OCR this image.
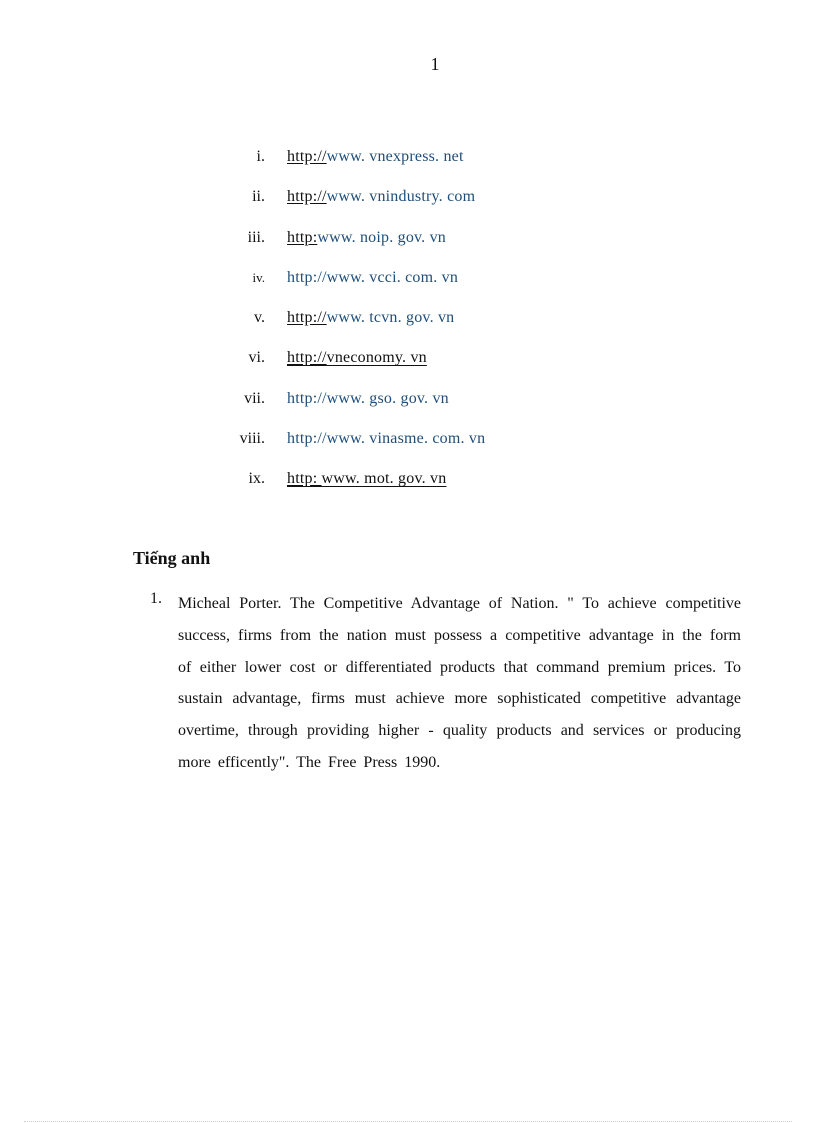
1
i.	http://www. vnexpress. net
ii.	http://www. vnindustry. com
iii.	http:www. noip. gov. vn
iv.	http://www. vcci. com. vn
v.	http://www. tcvn. gov. vn
vi.	http://vneconomy. vn
vii.	http://www. gso. gov. vn
viii.	http://www. vinasme. com. vn
ix.	http: www. mot. gov. vn
Tiếng anh
1.	Micheal Porter. The Competitive Advantage of Nation. " To achieve competitive success, firms from the nation must possess a competitive advantage in the form of either lower cost or differentiated products that command premium prices. To sustain advantage, firms must achieve more sophisticated competitive advantage overtime, through providing higher - quality products and services or producing more efficently". The Free Press 1990.
